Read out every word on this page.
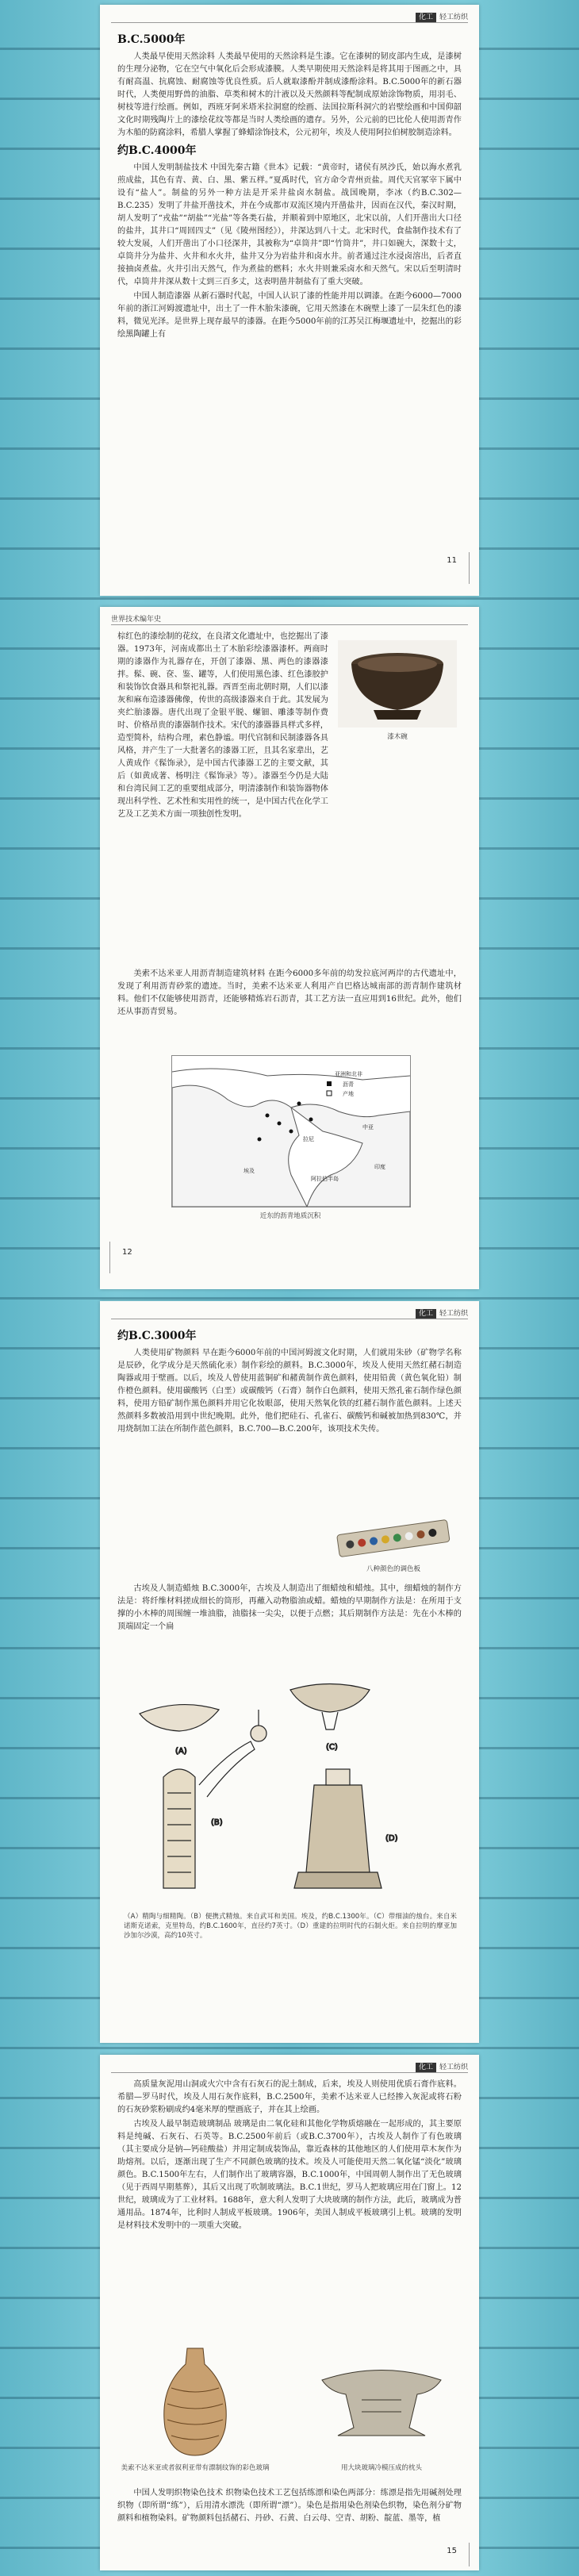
化工 轻工纺织
B.C.5000年

人类最早使用天然涂料 人类最早使用的天然涂料是生漆。它在漆树的韧皮部内生成，是漆树的生理分泌物，它在空气中氧化后会形成漆膜。人类早期使用天然涂料是将其用于图画之中，具有耐高温、抗腐蚀、耐腐蚀等优良性质。后人就取漆酚并制成漆酚涂料。B.C.5000年的新石器时代，人类便用野兽的油脂、草类和树木的汁液以及天然颜料等配制成原始涂饰物质，用羽毛、树枝等进行绘画。例如，西班牙阿米塔米拉洞窟的绘画、法国拉斯科洞穴的岩壁绘画和中国仰韶文化时期残陶片上的漆绘花纹等都是当时人类绘画的遗存。另外，公元前的巴比伦人使用沥青作为木船的防腐涂料，希腊人掌握了蜂蜡涂饰技术，公元初年，埃及人使用阿拉伯树胶制造涂料。

约B.C.4000年

中国人发明制盐技术 中国先秦古籍《世本》记载：“黄帝时，诸侯有夙沙氏，始以海水煮乳煎成盐，其色有青、黄、白、黑、紫五样。”夏禹时代，官方命令青州贡盐。周代天官冢宰下属中设有“盐人”。制盐的另外一种方法是开采井盐卤水制盐。战国晚期，李冰（约B.C.302—B.C.235）发明了井盐开凿技术，并在今成都市双流区境内开凿盐井，因而在汉代，秦汉时期，胡人发明了“戎盐”“胡盐”“光盐”等各类石盐，并顺着到中原地区，北宋以前，人们开凿出大口径的盐井，其井口“周回四丈”（见《陵州图经》），井深达到八十丈。北宋时代，食盐制作技术有了较大发展，人们开凿出了小口径深井，其被称为“卓筒井”即“竹筒井”，井口如碗大，深数十丈，卓筒井分为盐井、火井和水火井，盐井又分为岩盐井和卤水井。前者通过注水浸卤溶出，后者直接抽卤煮盐。火井引出天然气，作为煮盐的燃料；水火井则兼采卤水和天然气。宋以后至明清时代，卓筒井井深从数十丈到三百多丈，这表明凿井制盐有了重大突破。

中国人制造漆器 从新石器时代起，中国人认识了漆的性能并用以调漆。在距今6000—7000年前的浙江河姆渡遗址中，出土了一件木胎朱漆碗，它用天然漆在木碗壁上漆了一层朱红色的漆料，微见光泽。是世界上现存最早的漆器。在距今5000年前的江苏吴江梅堰遗址中，挖掘出的彩绘黑陶罐上有

11
世界技术编年史

棕红色的漆绘制的花纹，在良渚文化遗址中，也挖掘出了漆器。1973年，河南成都出土了木胎彩绘漆器漆杯。两商时期的漆器作为礼器存在，开创了漆器、黑、两色的漆器漆拌。髹、碗、奁、鉴、罐等，人们使用黑色漆、红色漆胶护和装饰饮食器具和祭祀礼器。西晋至南北朝时期，人们以漆灰和麻布造漆器佛像，传世的高级漆器来自于此。其发展为夹纻胎漆器。唐代出现了金银平脱、螺钿、雕漆等制作费时、价格昂贵的漆器制作技术。宋代的漆器器具样式多样，造型简朴，结构合理，素色静谧。明代官制和民制漆器各具风格，并产生了一大批著名的漆器工匠，且其名家辈出，艺人黄成作《髹饰录》，是中国古代漆器工艺的主要文献，其后（如黄成著、杨明注《髹饰录》等）。漆器至今仍是大陆和台湾民间工艺的重要组成部分，明清漆制作和装饰器物体现出科学性、艺术性和实用性的统一，是中国古代在化学工艺及工艺美术方面一项独创性发明。

漆木碗

美索不达米亚人用沥青制造建筑材料 在距今6000多年前的幼发拉底河两岸的古代遗址中，发现了利用沥青砂浆的遗迹。当时，美索不达米亚人利用产自巴格达城南部的沥青制作建筑材料。他们不仅能够使用沥青，还能够精炼岩石沥青，其工艺方法一直应用到16世纪。此外，他们还从事沥青贸易。

亚洲和北非
沥青
产地
拉尼
中亚
印度
阿拉伯半岛
埃及
近东的沥青地质沉积
12
化工 轻工纺织
约B.C.3000年

人类使用矿物颜料 早在距今6000年前的中国河姆渡文化时期，人们就用朱砂（矿物学名称是辰砂，化学成分是天然硫化汞）制作彩绘的颜料。B.C.3000年，埃及人使用天然红赭石制造陶器或用于壁画。以后，埃及人曾使用蓝铜矿和赭黄制作黄色颜料，使用铅黄（黄色氧化铅）制作橙色颜料。使用碳酸钙（白垩）或碳酸钙（石膏）制作白色颜料，使用天然孔雀石制作绿色颜料，使用方铅矿制作黑色颜料并用它化妆眼部，使用天然氧化铁的红赭石制作蓝色颜料。上述天然颜料多数被沿用到中世纪晚期。此外，他们把硅石、孔雀石、碳酸钙和碱被加热到830℃，并用烧制加工法在所制作蓝色颜料，B.C.700—B.C.200年，该项技术失传。

八种颜色的调色板

古埃及人制造蜡烛 B.C.3000年，古埃及人制造出了细蜡烛和蜡烛。其中，细蜡烛的制作方法是：将纤维材料搓成细长的筒形，再蘸入动物脂油或蜡。蜡烛的早期制作方法是：在所用于支撑的小木棒的周围缠一堆油脂，油脂抹一尖尖，以便于点燃；其后期制作方法是：先在小木棒的顶端固定一个扁

(A)
(B)
(C)
(D)
（A）精陶与细精陶。（B）便携式精烛。来自武耳和美国。埃及，约B.C.1300年。（C）带细油的烛台。来自米诺斯克诺索，克里特岛，约B.C.1600年，直径约7英寸。（D）重建的拉明时代的石制火炬。来自拉明的摩亚加沙加尔沙漠，高约10英寸。
化工 轻工纺织

高质量灰泥用山洞或火穴中含有石灰石的泥土制成，后来，埃及人则使用优质石膏作底料。希腊—罗马时代，埃及人用石灰作底料，B.C.2500年，美索不达米亚人已经掺入灰泥或将石粉的石灰砂浆粉刷成约4毫米厚的壁画底子，并在其上绘画。

古埃及人最早制造玻璃制品 玻璃是由二氧化硅和其他化学物质熔融在一起形成的，其主要原料是纯碱、石灰石、石英等。B.C.2500年前后（或B.C.3700年），古埃及人制作了有色玻璃（其主要成分是钠—钙硅酸盐）并用定制成装饰品，靠近森林的其他地区的人们使用草木灰作为助熔剂。以后，逐渐出现了生产不同颜色玻璃的技术。埃及人可能使用天然二氧化锰“淡化”玻璃颜色。B.C.1500年左右，人们制作出了玻璃容器，B.C.1000年，中国周朝人制作出了无色玻璃（见于西周早期墓葬），其后又出现了吹制玻璃法。B.C.1世纪，罗马人把玻璃应用在门窗上。12世纪，玻璃成为了工业材料。1688年，意大利人发明了大块玻璃的制作方法，此后，玻璃成为普通用品。1874年，比利时人制成平板玻璃。1906年，美国人制成平板玻璃引上机。玻璃的发明是材料技术发明中的一项重大突破。

美索不达米亚或者叙利亚带有漂制纹饰的彩色玻璃	用大块玻璃冷模压成的枕头

中国人发明织物染色技术 织物染色技术工艺包括练漂和染色两部分：练漂是指先用碱剂处理织物（即所谓“练”），后用清水漂洗（即所谓“漂”）。染色是指用染色剂染色织物，染色剂分矿物颜料和植物染料。矿物颜料包括赭石、丹砂、石黄、白云母、空青、胡粉、靛蓝、墨等，植

15
